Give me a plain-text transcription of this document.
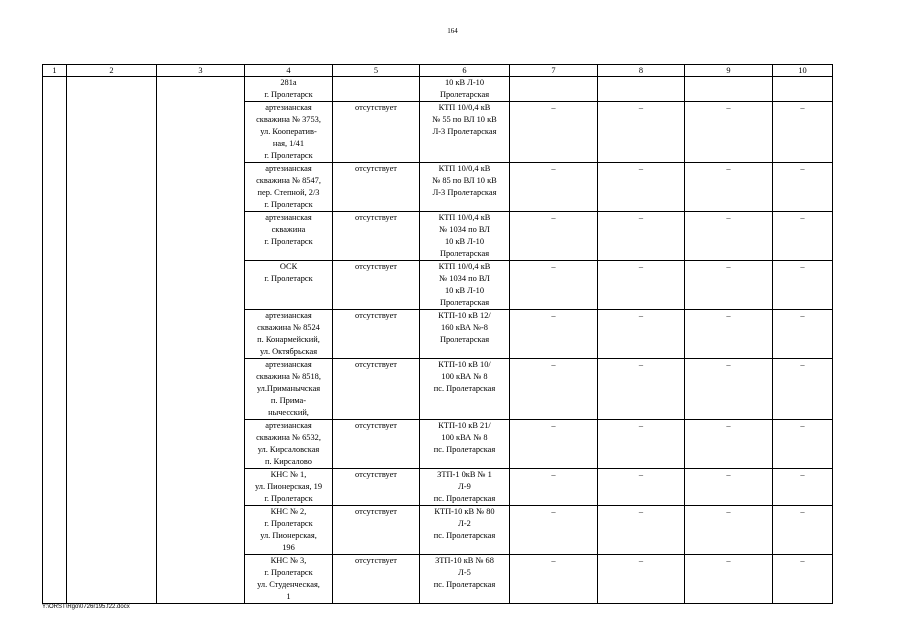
164
1	2	3	4	5	6	7	8	9	10
			281а
г. Пролетарск		10 кВ Л-10
Пролетарская				
			артезианская
скважина № 3753,
ул. Кооператив-
ная, 1/41
г. Пролетарск	отсутствует	КТП 10/0,4 кВ
№ 55 по ВЛ 10 кВ
Л-3 Пролетарская	–	–	–	–
			артезианская
скважина № 8547,
пер. Степной, 2/3
г. Пролетарск	отсутствует	КТП 10/0,4 кВ
№ 85 по ВЛ 10 кВ
Л-3 Пролетарская	–	–	–	–
			артезианская
скважина
г. Пролетарск	отсутствует	КТП 10/0,4 кВ
№ 1034 по ВЛ
10 кВ Л-10
Пролетарская	–	–	–	–
			ОСК
г. Пролетарск	отсутствует	КТП 10/0,4 кВ
№ 1034 по ВЛ
10 кВ Л-10
Пролетарская	–	–	–	–
			артезианская
скважина № 8524
п. Конармейский,
ул. Октябрьская	отсутствует	КТП-10 кВ 12/
160 кВА №-8
Пролетарская	–	–	–	–
			артезианская
скважина № 8518,
ул.Приманычская
п. Прима-
нычесский,	отсутствует	КТП-10 кВ 10/
100 кВА № 8
пс. Пролетарская	–	–	–	–
			артезианская
скважина № 6532,
ул. Кирсаловская
п. Кирсалово	отсутствует	КТП-10 кВ 21/
100 кВА № 8
пс. Пролетарская	–	–	–	–
			КНС № 1,
ул. Пионерская, 19
г. Пролетарск	отсутствует	ЗТП-1 0кВ № 1
Л-9
пс. Пролетарская	–	–	–	–
			КНС № 2,
г. Пролетарск
ул. Пионерская,
196	отсутствует	КТП-10 кВ № 80
Л-2
пс. Пролетарская	–	–	–	–
			КНС № 3,
г. Пролетарск
ул. Студенческая,
1	отсутствует	ЗТП-10 кВ № 68
Л-5
пс. Пролетарская	–	–	–	–
Y:\ORST\Rgo\0726r195.f22.docx
